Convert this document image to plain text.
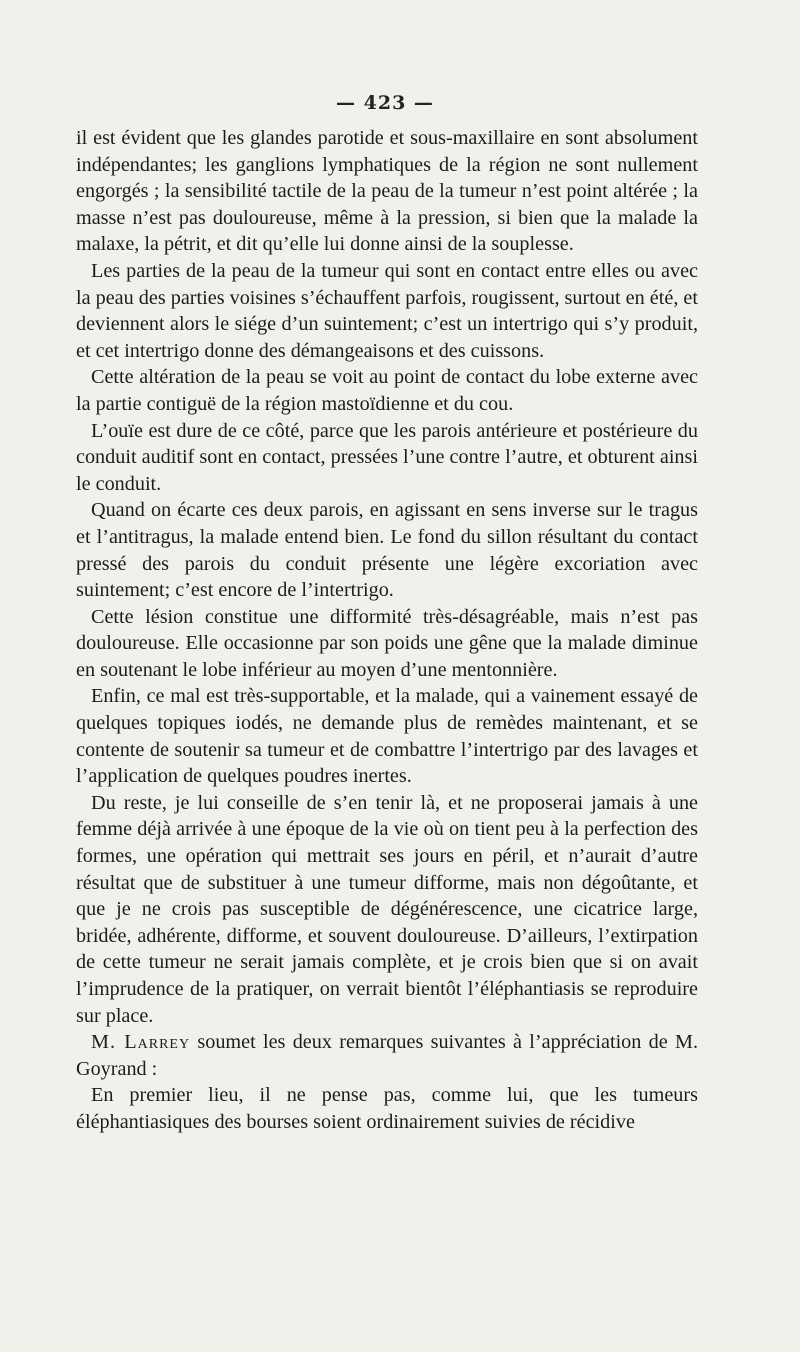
— 423 —

il est évident que les glandes parotide et sous-maxillaire en sont absolument indépendantes; les ganglions lymphatiques de la région ne sont nullement engorgés ; la sensibilité tactile de la peau de la tumeur n’est point altérée ; la masse n’est pas douloureuse, même à la pression, si bien que la malade la malaxe, la pétrit, et dit qu’elle lui donne ainsi de la souplesse.

Les parties de la peau de la tumeur qui sont en contact entre elles ou avec la peau des parties voisines s’échauffent parfois, rougissent, surtout en été, et deviennent alors le siége d’un suintement; c’est un intertrigo qui s’y produit, et cet intertrigo donne des démangeaisons et des cuissons.

Cette altération de la peau se voit au point de contact du lobe externe avec la partie contiguë de la région mastoïdienne et du cou.

L’ouïe est dure de ce côté, parce que les parois antérieure et postérieure du conduit auditif sont en contact, pressées l’une contre l’autre, et obturent ainsi le conduit.

Quand on écarte ces deux parois, en agissant en sens inverse sur le tragus et l’antitragus, la malade entend bien. Le fond du sillon résultant du contact pressé des parois du conduit présente une légère excoriation avec suintement; c’est encore de l’intertrigo.

Cette lésion constitue une difformité très-désagréable, mais n’est pas douloureuse. Elle occasionne par son poids une gêne que la malade diminue en soutenant le lobe inférieur au moyen d’une mentonnière.

Enfin, ce mal est très-supportable, et la malade, qui a vainement essayé de quelques topiques iodés, ne demande plus de remèdes maintenant, et se contente de soutenir sa tumeur et de combattre l’intertrigo par des lavages et l’application de quelques poudres inertes.

Du reste, je lui conseille de s’en tenir là, et ne proposerai jamais à une femme déjà arrivée à une époque de la vie où on tient peu à la perfection des formes, une opération qui mettrait ses jours en péril, et n’aurait d’autre résultat que de substituer à une tumeur difforme, mais non dégoûtante, et que je ne crois pas susceptible de dégénérescence, une cicatrice large, bridée, adhérente, difforme, et souvent douloureuse. D’ailleurs, l’extirpation de cette tumeur ne serait jamais complète, et je crois bien que si on avait l’imprudence de la pratiquer, on verrait bientôt l’éléphantiasis se reproduire sur place.

M. Larrey soumet les deux remarques suivantes à l’appréciation de M. Goyrand :

En premier lieu, il ne pense pas, comme lui, que les tumeurs éléphantiasiques des bourses soient ordinairement suivies de récidive
